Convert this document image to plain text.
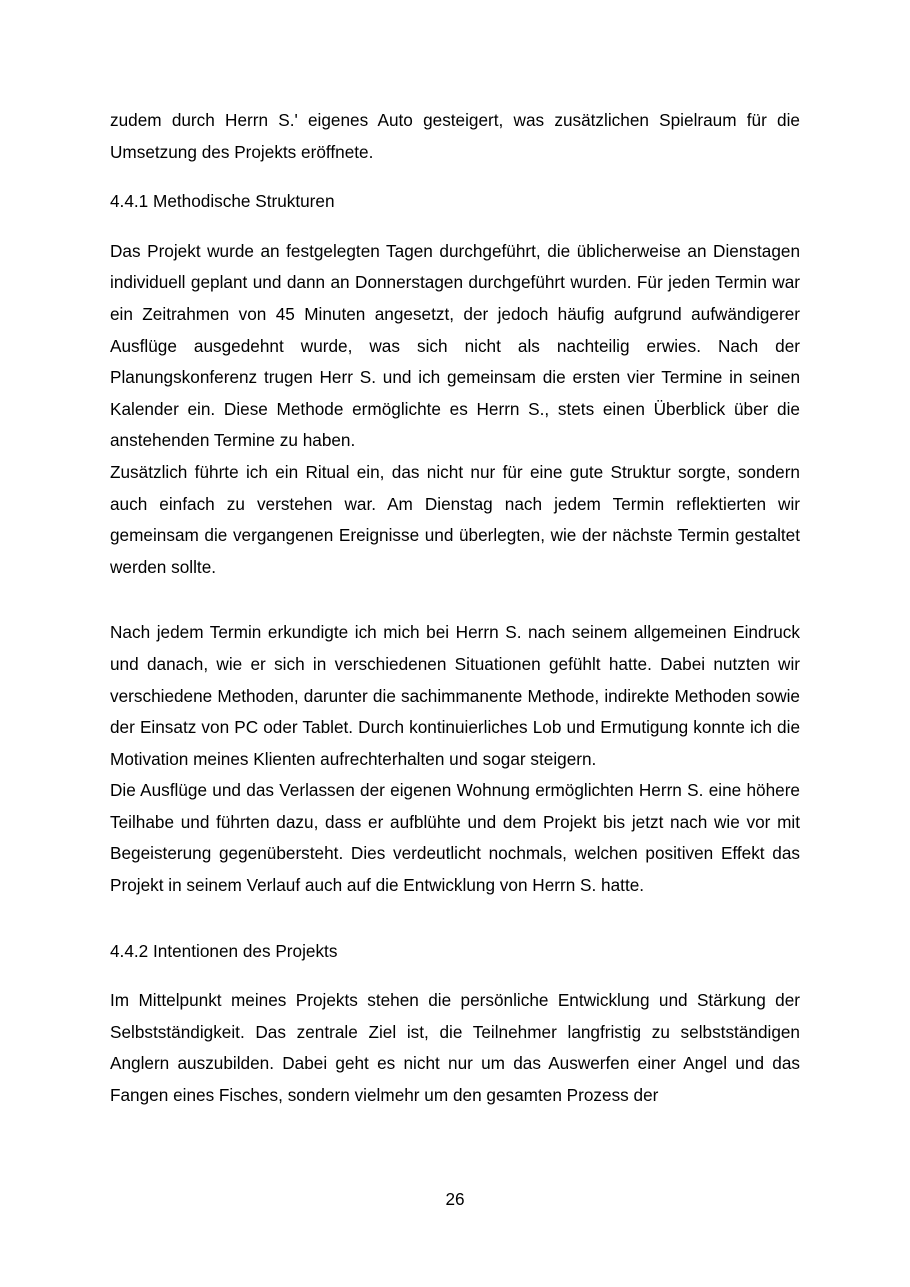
zudem durch Herrn S.' eigenes Auto gesteigert, was zusätzlichen Spielraum für die Umsetzung des Projekts eröffnete.

4.4.1 Methodische Strukturen

Das Projekt wurde an festgelegten Tagen durchgeführt, die üblicherweise an Dienstagen individuell geplant und dann an Donnerstagen durchgeführt wurden. Für jeden Termin war ein Zeitrahmen von 45 Minuten angesetzt, der jedoch häufig aufgrund aufwändigerer Ausflüge ausgedehnt wurde, was sich nicht als nachteilig erwies. Nach der Planungskonferenz trugen Herr S. und ich gemeinsam die ersten vier Termine in seinen Kalender ein. Diese Methode ermöglichte es Herrn S., stets einen Überblick über die anstehenden Termine zu haben.

Zusätzlich führte ich ein Ritual ein, das nicht nur für eine gute Struktur sorgte, sondern auch einfach zu verstehen war. Am Dienstag nach jedem Termin reflektierten wir gemeinsam die vergangenen Ereignisse und überlegten, wie der nächste Termin gestaltet werden sollte.

Nach jedem Termin erkundigte ich mich bei Herrn S. nach seinem allgemeinen Eindruck und danach, wie er sich in verschiedenen Situationen gefühlt hatte. Dabei nutzten wir verschiedene Methoden, darunter die sachimmanente Methode, indirekte Methoden sowie der Einsatz von PC oder Tablet. Durch kontinuierliches Lob und Ermutigung konnte ich die Motivation meines Klienten aufrechterhalten und sogar steigern.

Die Ausflüge und das Verlassen der eigenen Wohnung ermöglichten Herrn S. eine höhere Teilhabe und führten dazu, dass er aufblühte und dem Projekt bis jetzt nach wie vor mit Begeisterung gegenübersteht. Dies verdeutlicht nochmals, welchen positiven Effekt das Projekt in seinem Verlauf auch auf die Entwicklung von Herrn S. hatte.

4.4.2 Intentionen des Projekts

Im Mittelpunkt meines Projekts stehen die persönliche Entwicklung und Stärkung der Selbstständigkeit. Das zentrale Ziel ist, die Teilnehmer langfristig zu selbstständigen Anglern auszubilden. Dabei geht es nicht nur um das Auswerfen einer Angel und das Fangen eines Fisches, sondern vielmehr um den gesamten Prozess der

26
